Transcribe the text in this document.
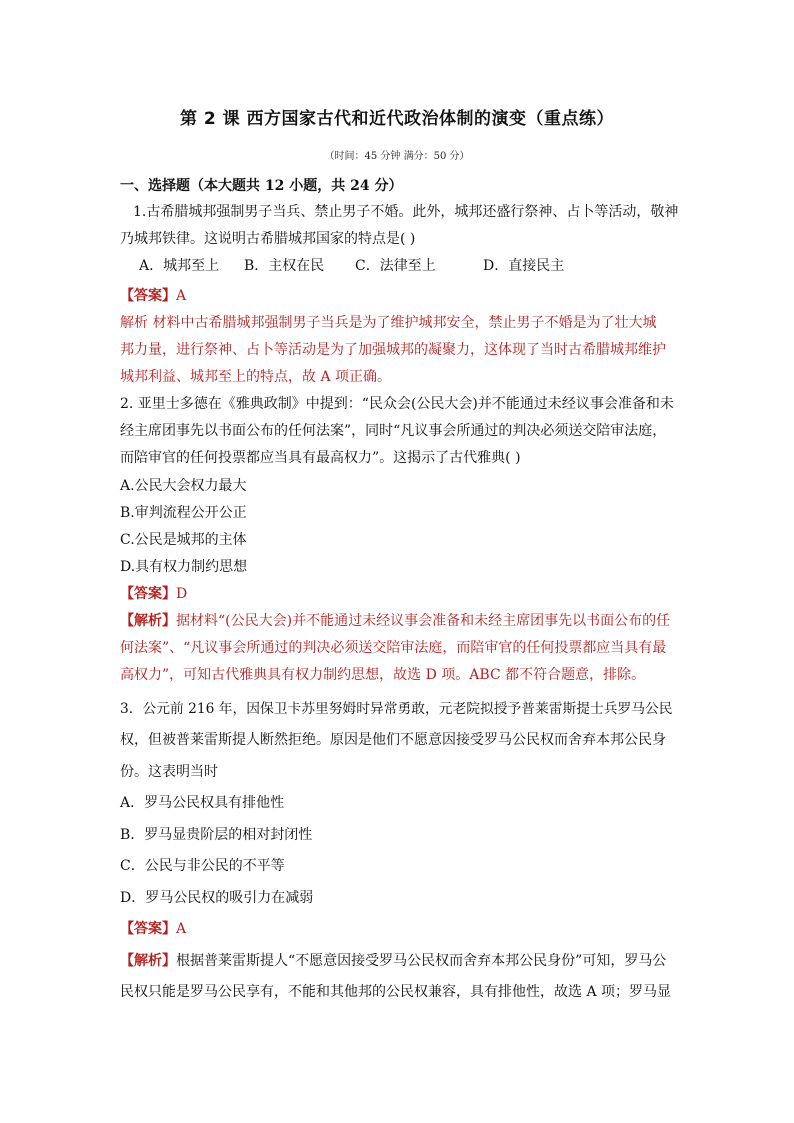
第 2 课 西方国家古代和近代政治体制的演变（重点练）
（时间：45 分钟 满分：50 分）
一、选择题（本大题共 12 小题，共 24 分）
1.古希腊城邦强制男子当兵、禁止男子不婚。此外，城邦还盛行祭神、占卜等活动，敬神
乃城邦铁律。这说明古希腊城邦国家的特点是( )
A．城邦至上 B．主权在民 C．法律至上	D．直接民主
【答案】A
解析 材料中古希腊城邦强制男子当兵是为了维护城邦安全，禁止男子不婚是为了壮大城
邦力量，进行祭神、占卜等活动是为了加强城邦的凝聚力，这体现了当时古希腊城邦维护
城邦利益、城邦至上的特点，故 A 项正确。
2. 亚里士多德在《雅典政制》中提到：“民众会(公民大会)并不能通过未经议事会准备和未
经主席团事先以书面公布的任何法案”，同时“凡议事会所通过的判决必须送交陪审法庭，
而陪审官的任何投票都应当具有最高权力”。这揭示了古代雅典( )
A.公民大会权力最大
B.审判流程公开公正
C.公民是城邦的主体
D.具有权力制约思想
【答案】D
【解析】据材料“(公民大会)并不能通过未经议事会准备和未经主席团事先以书面公布的任
何法案”、“凡议事会所通过的判决必须送交陪审法庭，而陪审官的任何投票都应当具有最
高权力”，可知古代雅典具有权力制约思想，故选 D 项。ABC 都不符合题意，排除。
3．公元前 216 年，因保卫卡苏里努姆时异常勇敢，元老院拟授予普莱雷斯提士兵罗马公民
权，但被普莱雷斯提人断然拒绝。原因是他们不愿意因接受罗马公民权而舍弃本邦公民身
份。这表明当时
A．罗马公民权具有排他性
B．罗马显贵阶层的相对封闭性
C．公民与非公民的不平等
D．罗马公民权的吸引力在减弱
【答案】A
【解析】根据普莱雷斯提人“不愿意因接受罗马公民权而舍弃本邦公民身份”可知，罗马公
民权只能是罗马公民享有，不能和其他邦的公民权兼容，具有排他性，故选 A 项；罗马显
